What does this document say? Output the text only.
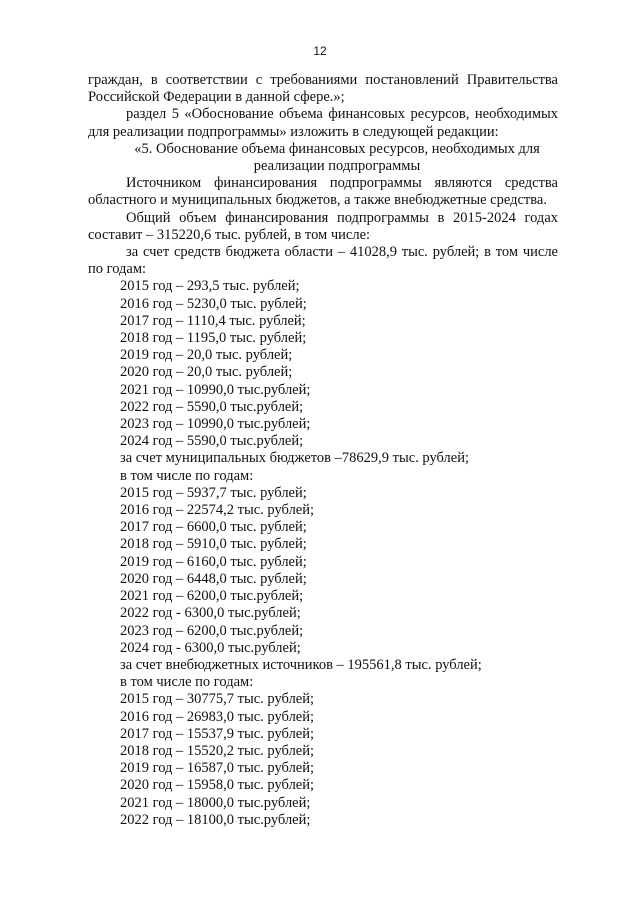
12

граждан, в соответствии с требованиями постановлений Правительства

Российской Федерации в данной сфере.»;

раздел 5 «Обоснование объема финансовых ресурсов, необходимых

для реализации подпрограммы» изложить в следующей редакции:

«5. Обоснование объема финансовых ресурсов, необходимых для

реализации подпрограммы

Источником финансирования подпрограммы являются средства

областного и муниципальных бюджетов, а также внебюджетные средства.

Общий объем финансирования подпрограммы в 2015-2024 годах

составит – 315220,6 тыс. рублей, в том числе:

за счет средств бюджета области – 41028,9 тыс. рублей; в том числе

по годам:

2015 год – 293,5 тыс. рублей;
2016 год – 5230,0 тыс. рублей;
2017 год – 1110,4 тыс. рублей;
2018 год – 1195,0 тыс. рублей;
2019 год – 20,0 тыс. рублей;
2020 год – 20,0 тыс. рублей;
2021 год – 10990,0 тыс.рублей;
2022 год – 5590,0 тыс.рублей;
2023 год – 10990,0 тыс.рублей;
2024 год – 5590,0 тыс.рублей;

за счет муниципальных бюджетов –78629,9 тыс. рублей;

в том числе по годам:

2015 год – 5937,7 тыс. рублей;
2016 год – 22574,2 тыс. рублей;
2017 год – 6600,0 тыс. рублей;
2018 год – 5910,0 тыс. рублей;
2019 год – 6160,0 тыс. рублей;
2020 год – 6448,0 тыс. рублей;
2021 год – 6200,0 тыс.рублей;
2022 год - 6300,0 тыс.рублей;
2023 год – 6200,0 тыс.рублей;
2024 год - 6300,0 тыс.рублей;

за счет внебюджетных источников – 195561,8 тыс. рублей;

в том числе по годам:

2015 год – 30775,7 тыс. рублей;
2016 год – 26983,0 тыс. рублей;
2017 год – 15537,9 тыс. рублей;
2018 год – 15520,2 тыс. рублей;
2019 год – 16587,0 тыс. рублей;
2020 год – 15958,0 тыс. рублей;
2021 год – 18000,0 тыс.рублей;
2022 год – 18100,0 тыс.рублей;
